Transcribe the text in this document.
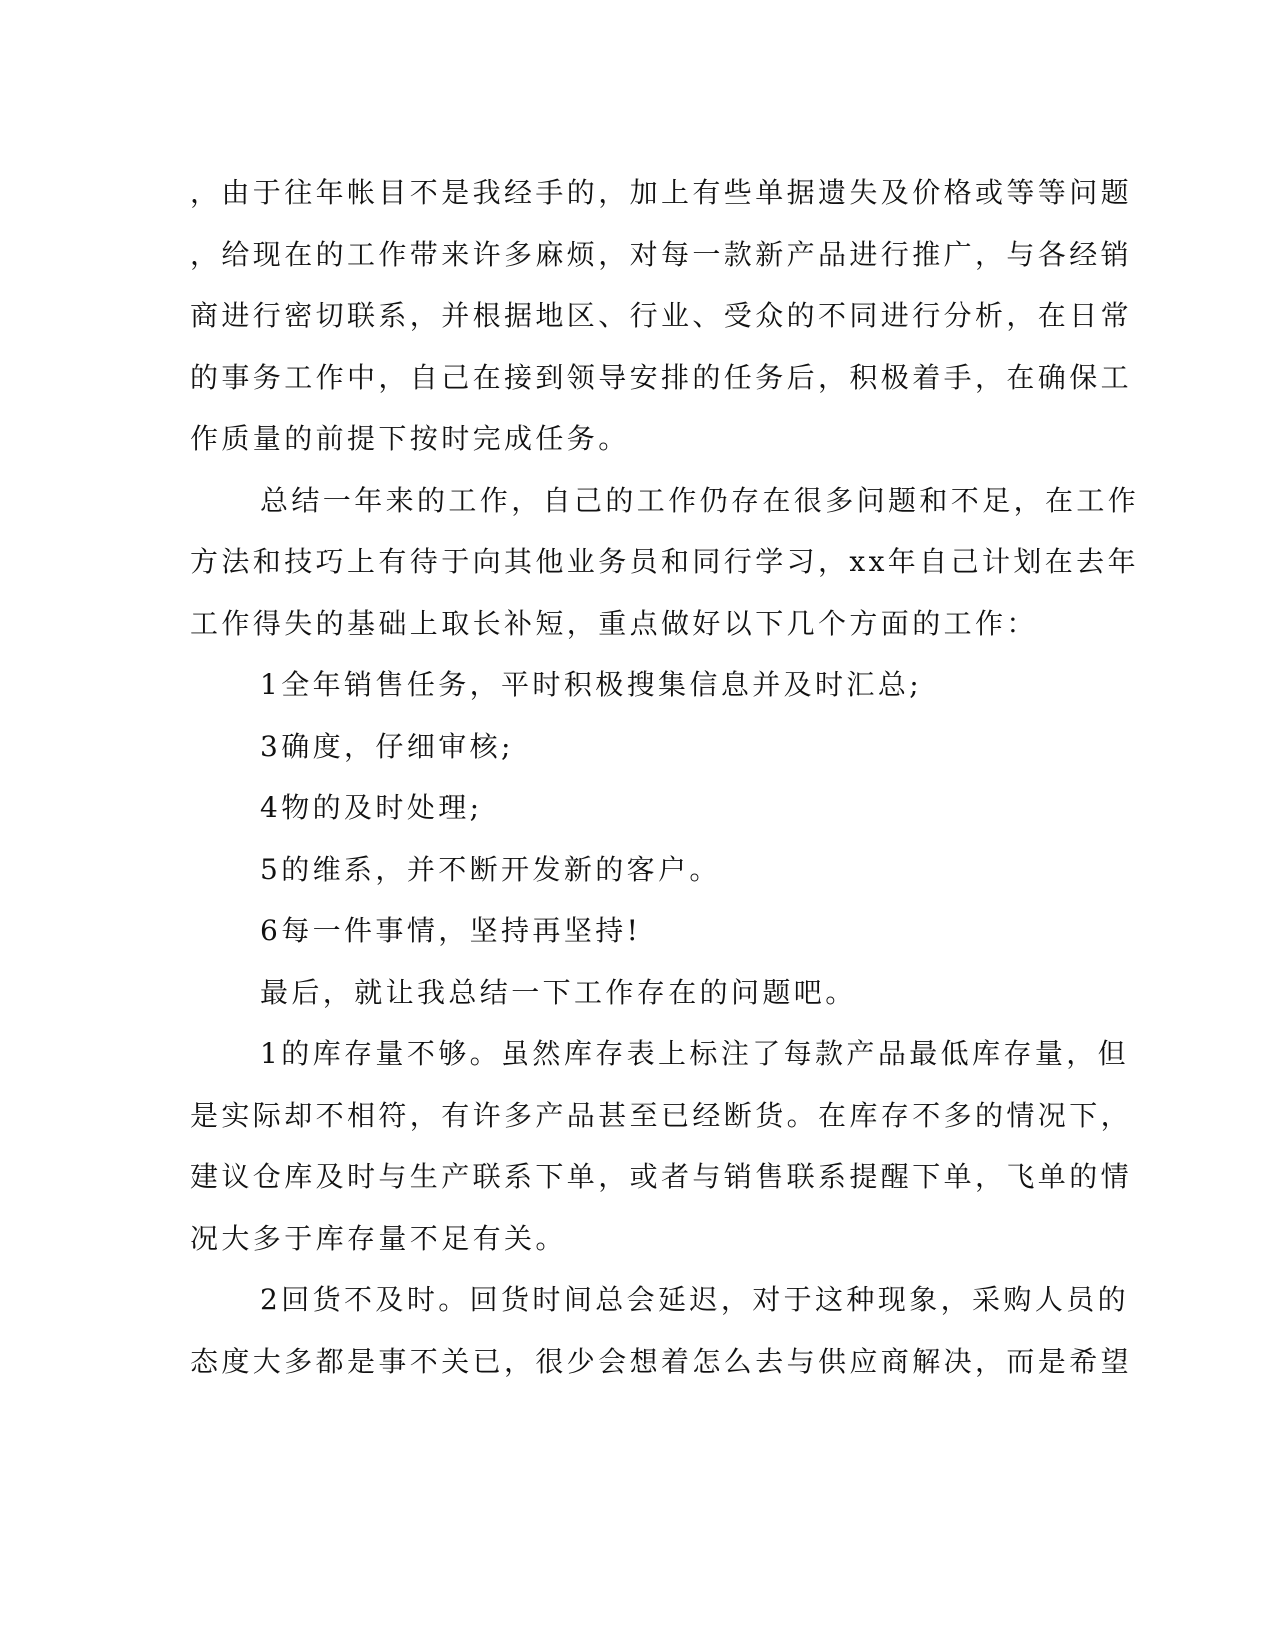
，由于往年帐目不是我经手的，加上有些单据遗失及价格或等等问题
，给现在的工作带来许多麻烦，对每一款新产品进行推广，与各经销
商进行密切联系，并根据地区、行业、受众的不同进行分析，在日常
的事务工作中，自己在接到领导安排的任务后，积极着手，在确保工
作质量的前提下按时完成任务。
总结一年来的工作，自己的工作仍存在很多问题和不足，在工作
方法和技巧上有待于向其他业务员和同行学习，xx年自己计划在去年
工作得失的基础上取长补短，重点做好以下几个方面的工作：
1全年销售任务，平时积极搜集信息并及时汇总;
3确度，仔细审核;
4物的及时处理;
5的维系，并不断开发新的客户。
6每一件事情，坚持再坚持!
最后，就让我总结一下工作存在的问题吧。
1的库存量不够。虽然库存表上标注了每款产品最低库存量，但
是实际却不相符，有许多产品甚至已经断货。在库存不多的情况下，
建议仓库及时与生产联系下单，或者与销售联系提醒下单，飞单的情
况大多于库存量不足有关。
2回货不及时。回货时间总会延迟，对于这种现象，采购人员的
态度大多都是事不关已，很少会想着怎么去与供应商解决，而是希望
